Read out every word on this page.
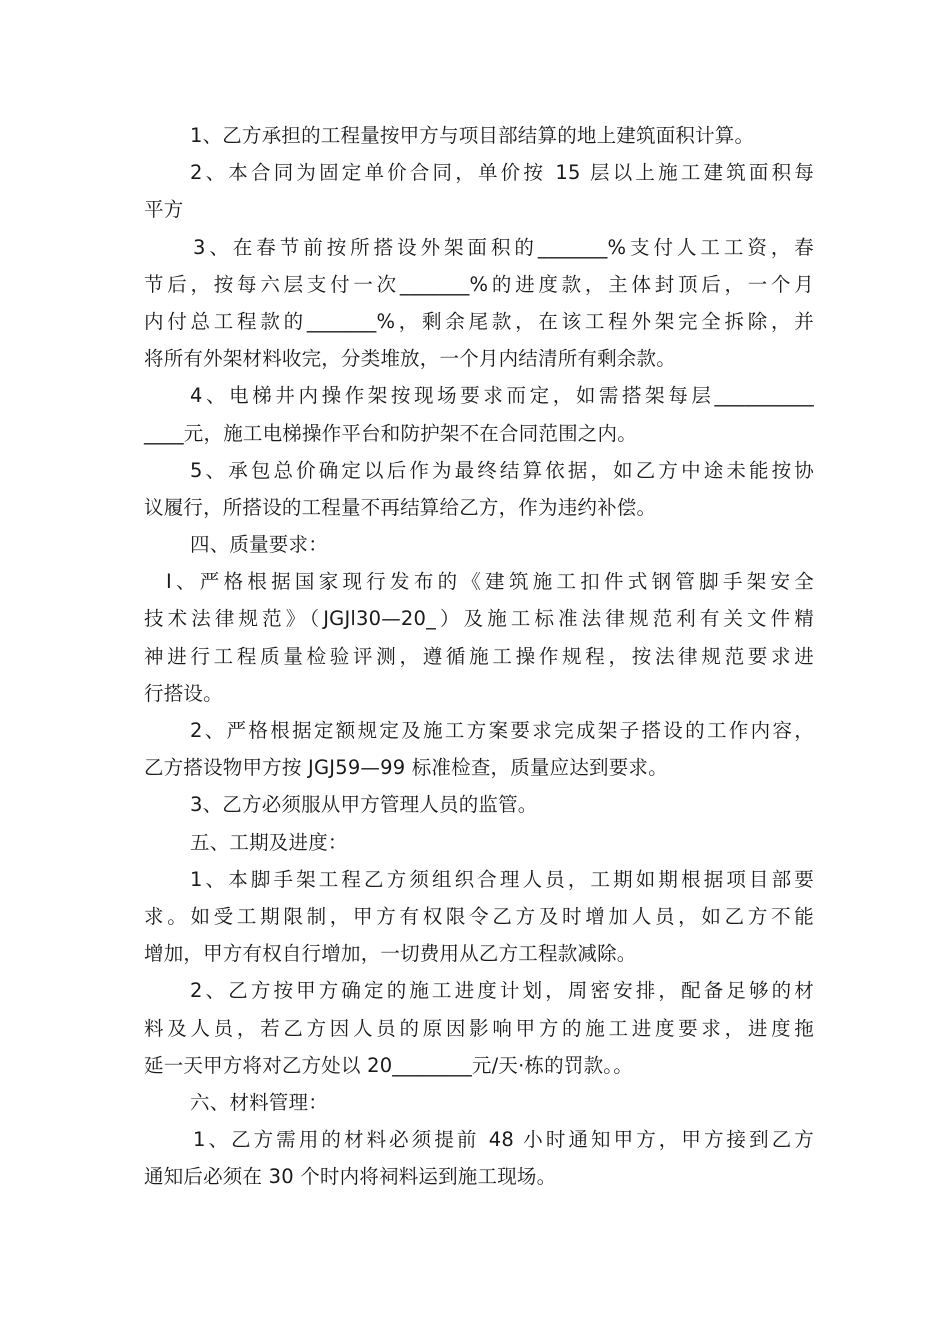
1、乙方承担的工程量按甲方与项目部结算的地上建筑面积计算。
2、本合同为固定单价合同，单价按 15 层以上施工建筑面积每
平方
3、在春节前按所搭设外架面积的_______%支付人工工资，春
节后，按每六层支付一次_______%的进度款，主体封顶后，一个月
内付总工程款的_______%，剩余尾款，在该工程外架完全拆除，并
将所有外架材料收完，分类堆放，一个月内结清所有剩余款。
4、电梯井内操作架按现场要求而定，如需搭架每层__________
____元，施工电梯操作平台和防护架不在合同范围之内。
5、承包总价确定以后作为最终结算依据，如乙方中途未能按协
议履行，所搭设的工程量不再结算给乙方，作为违约补偿。
四、质量要求：
I、严格根据国家现行发布的《建筑施工扣件式钢管脚手架安全
技术法律规范》（JGJl30—20_）及施工标准法律规范利有关文件精
神进行工程质量检验评测，遵循施工操作规程，按法律规范要求进
行搭设。
2、严格根据定额规定及施工方案要求完成架子搭设的工作内容，
乙方搭设物甲方按 JGJ59—99 标准检查，质量应达到要求。
3、乙方必须服从甲方管理人员的监管。
五、工期及进度：
1、本脚手架工程乙方须组织合理人员，工期如期根据项目部要
求。如受工期限制，甲方有权限令乙方及时增加人员，如乙方不能
增加，甲方有权自行增加，一切费用从乙方工程款减除。
2、乙方按甲方确定的施工进度计划，周密安排，配备足够的材
料及人员，若乙方因人员的原因影响甲方的施工进度要求，进度拖
延一天甲方将对乙方处以 20________元/天·栋的罚款。。
六、材料管理：
1、乙方需用的材料必须提前 48 小时通知甲方，甲方接到乙方
通知后必须在 30 个时内将祠料运到施工现场。
